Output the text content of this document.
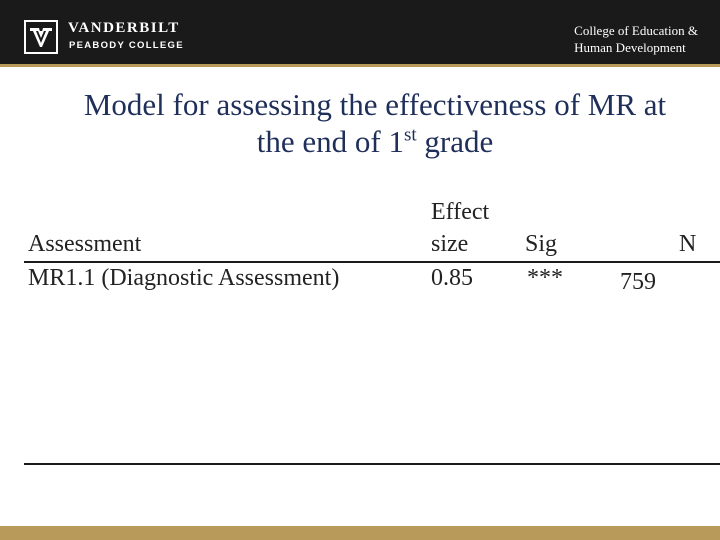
VANDERBILT
PEABODY COLLEGE
College of Education &
Human Development
Model for assessing the effectiveness of MR at
the end of 1st grade
Assessment
Effect
size Sig	N
MR1.1 (Diagnostic Assessment)	0.85 *** 759
